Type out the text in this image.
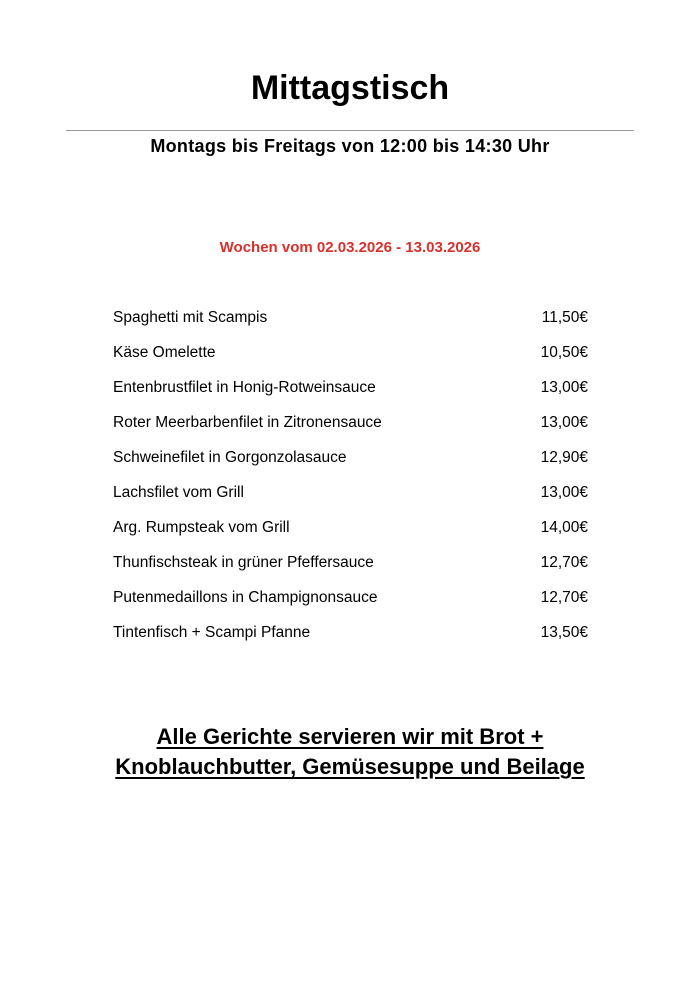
Mittagstisch
Montags bis Freitags von 12:00 bis 14:30 Uhr
Wochen vom 02.03.2026 - 13.03.2026
Spaghetti mit Scampis	11,50€
Käse Omelette	10,50€
Entenbrustfilet in Honig-Rotweinsauce	13,00€
Roter Meerbarbenfilet in Zitronensauce	13,00€
Schweinefilet in Gorgonzolasauce	12,90€
Lachsfilet vom Grill	13,00€
Arg. Rumpsteak vom Grill	14,00€
Thunfischsteak in grüner Pfeffersauce	12,70€
Putenmedaillons in Champignonsauce	12,70€
Tintenfisch + Scampi Pfanne	13,50€
Alle Gerichte servieren wir mit Brot +
Knoblauchbutter, Gemüsesuppe und Beilage
